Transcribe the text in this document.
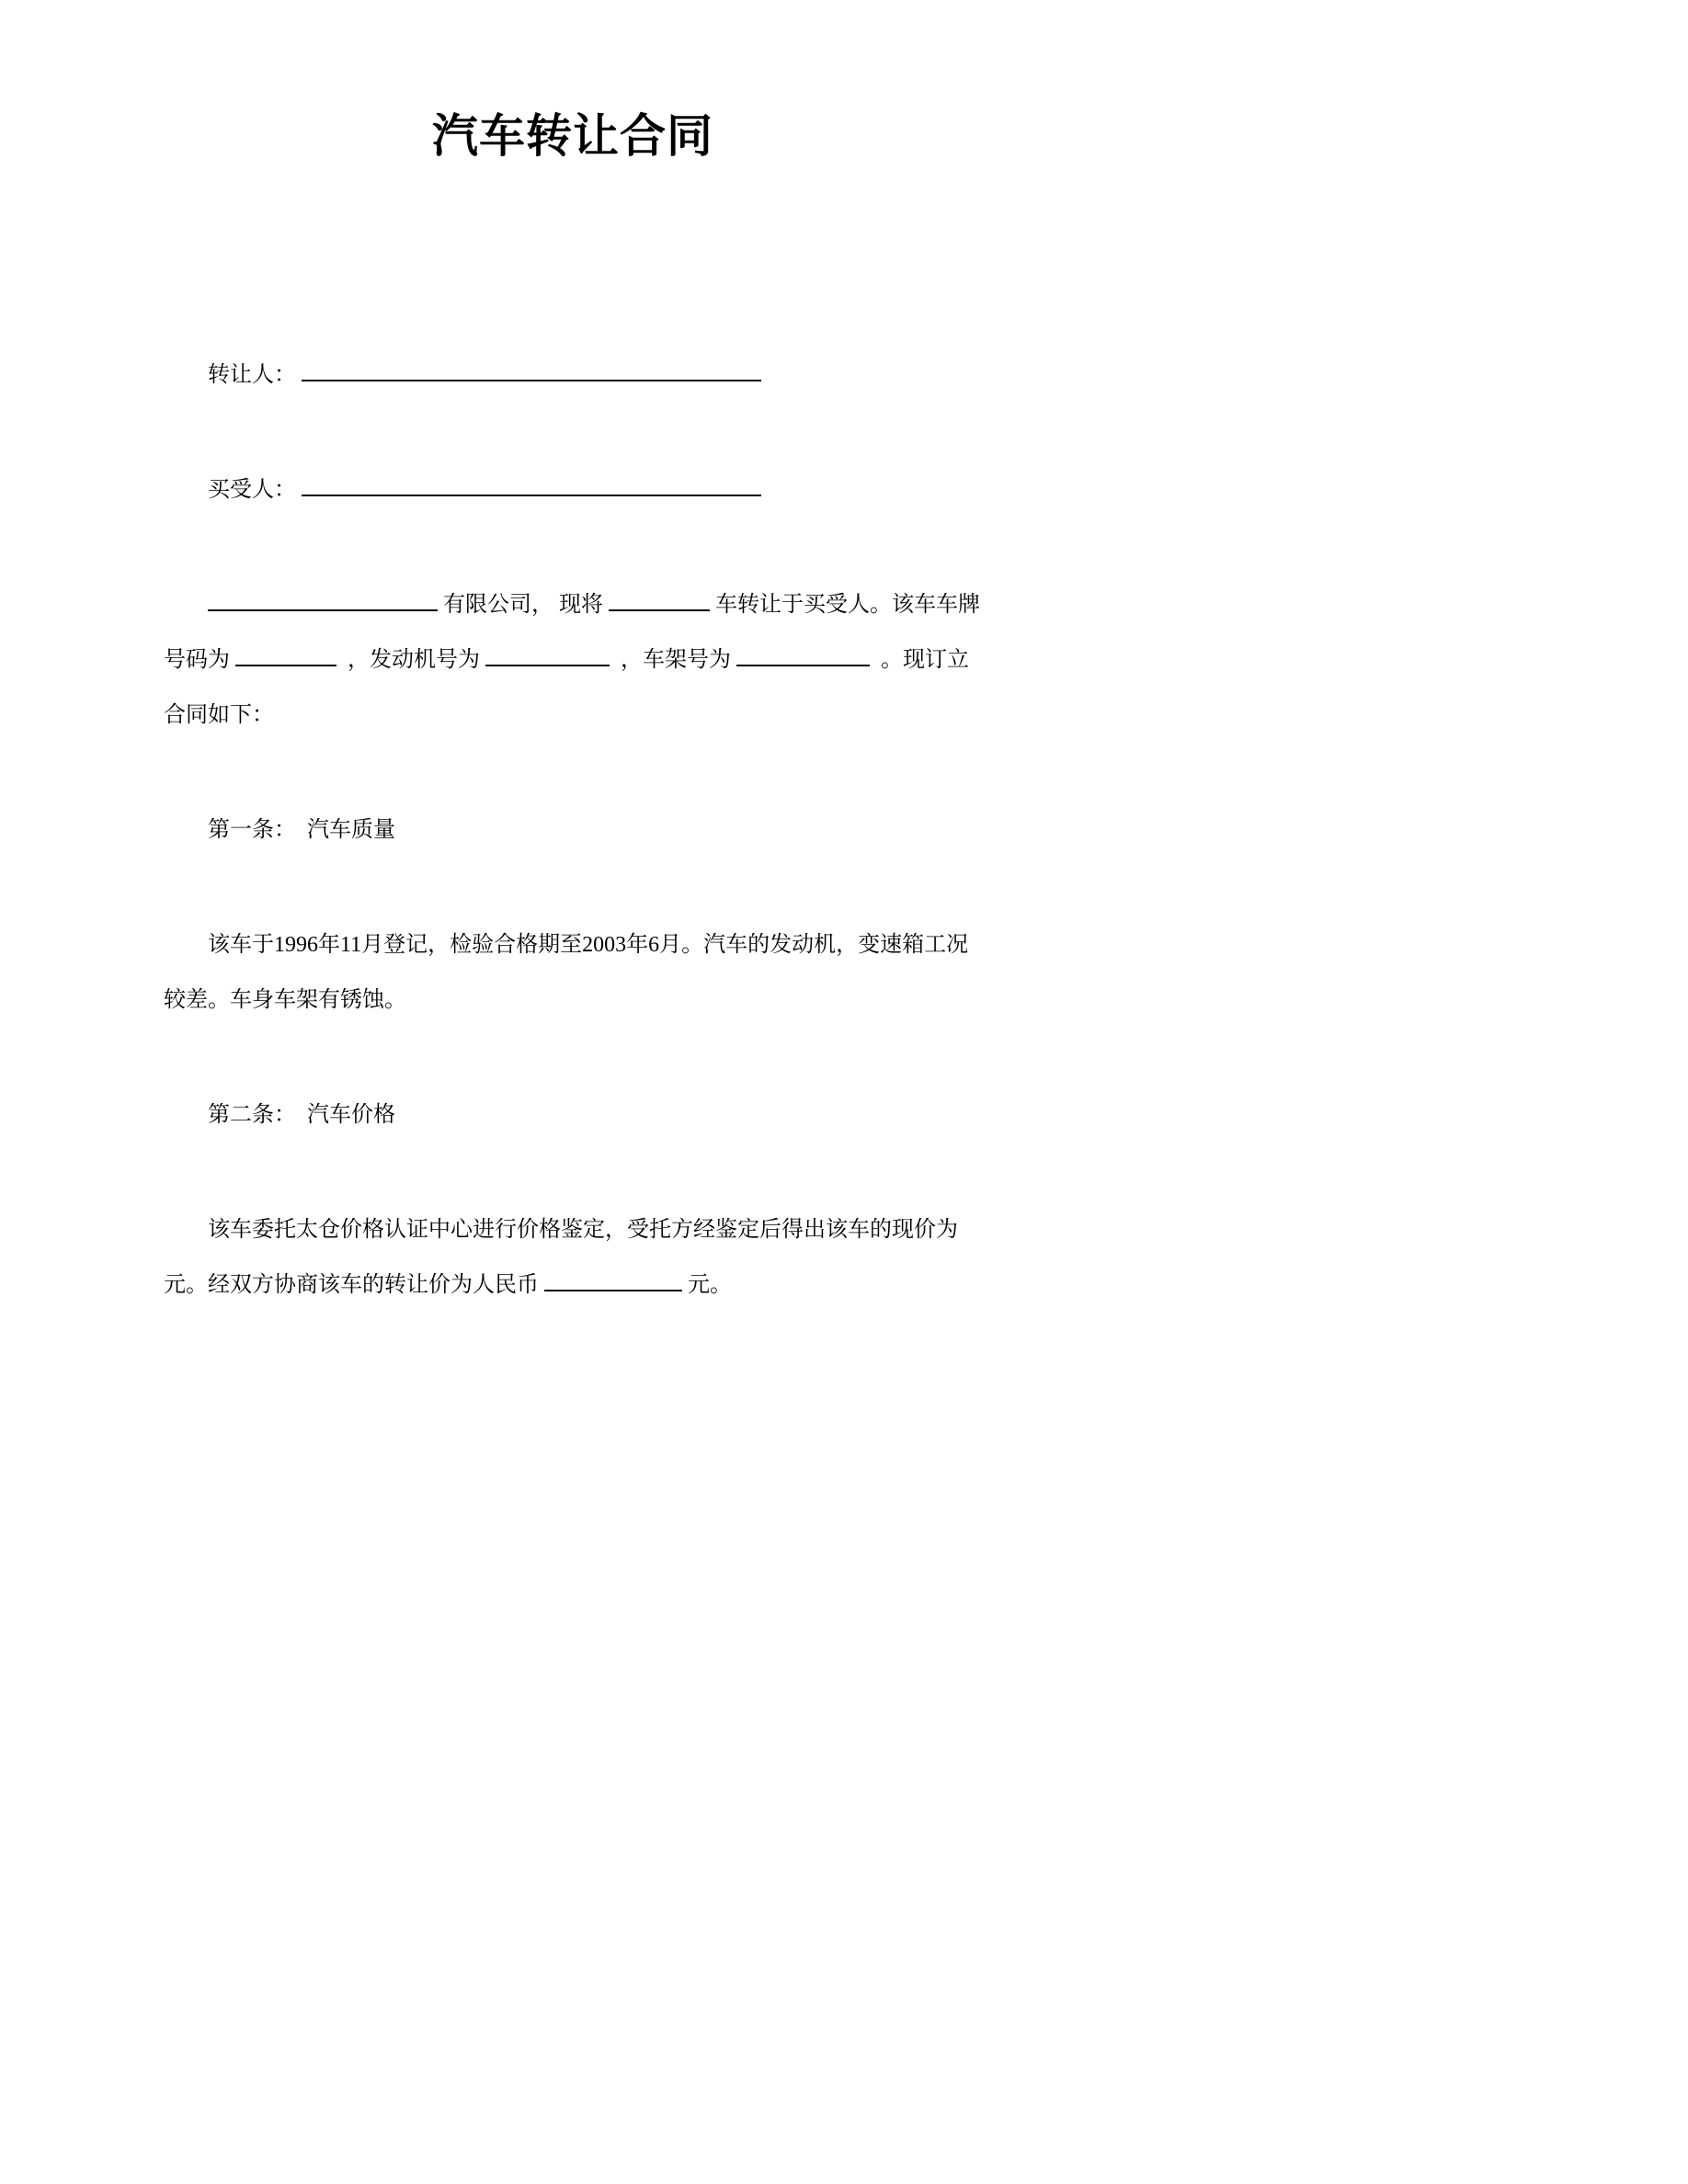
汽车转让合同

转让人：

买受人：

有限公司， 现将	车转让于买受人。该车车牌号码为	，发动机号为	，车架号为	。现订立合同如下：

第一条：  汽车质量

该车于1996年11月登记，检验合格期至2003年6月。汽车的发动机，变速箱工况较差。车身车架有锈蚀。

第二条：  汽车价格

该车委托太仓价格认证中心进行价格鉴定，受托方经鉴定后得出该车的现价为元。经双方协商该车的转让价为人民币	元。
